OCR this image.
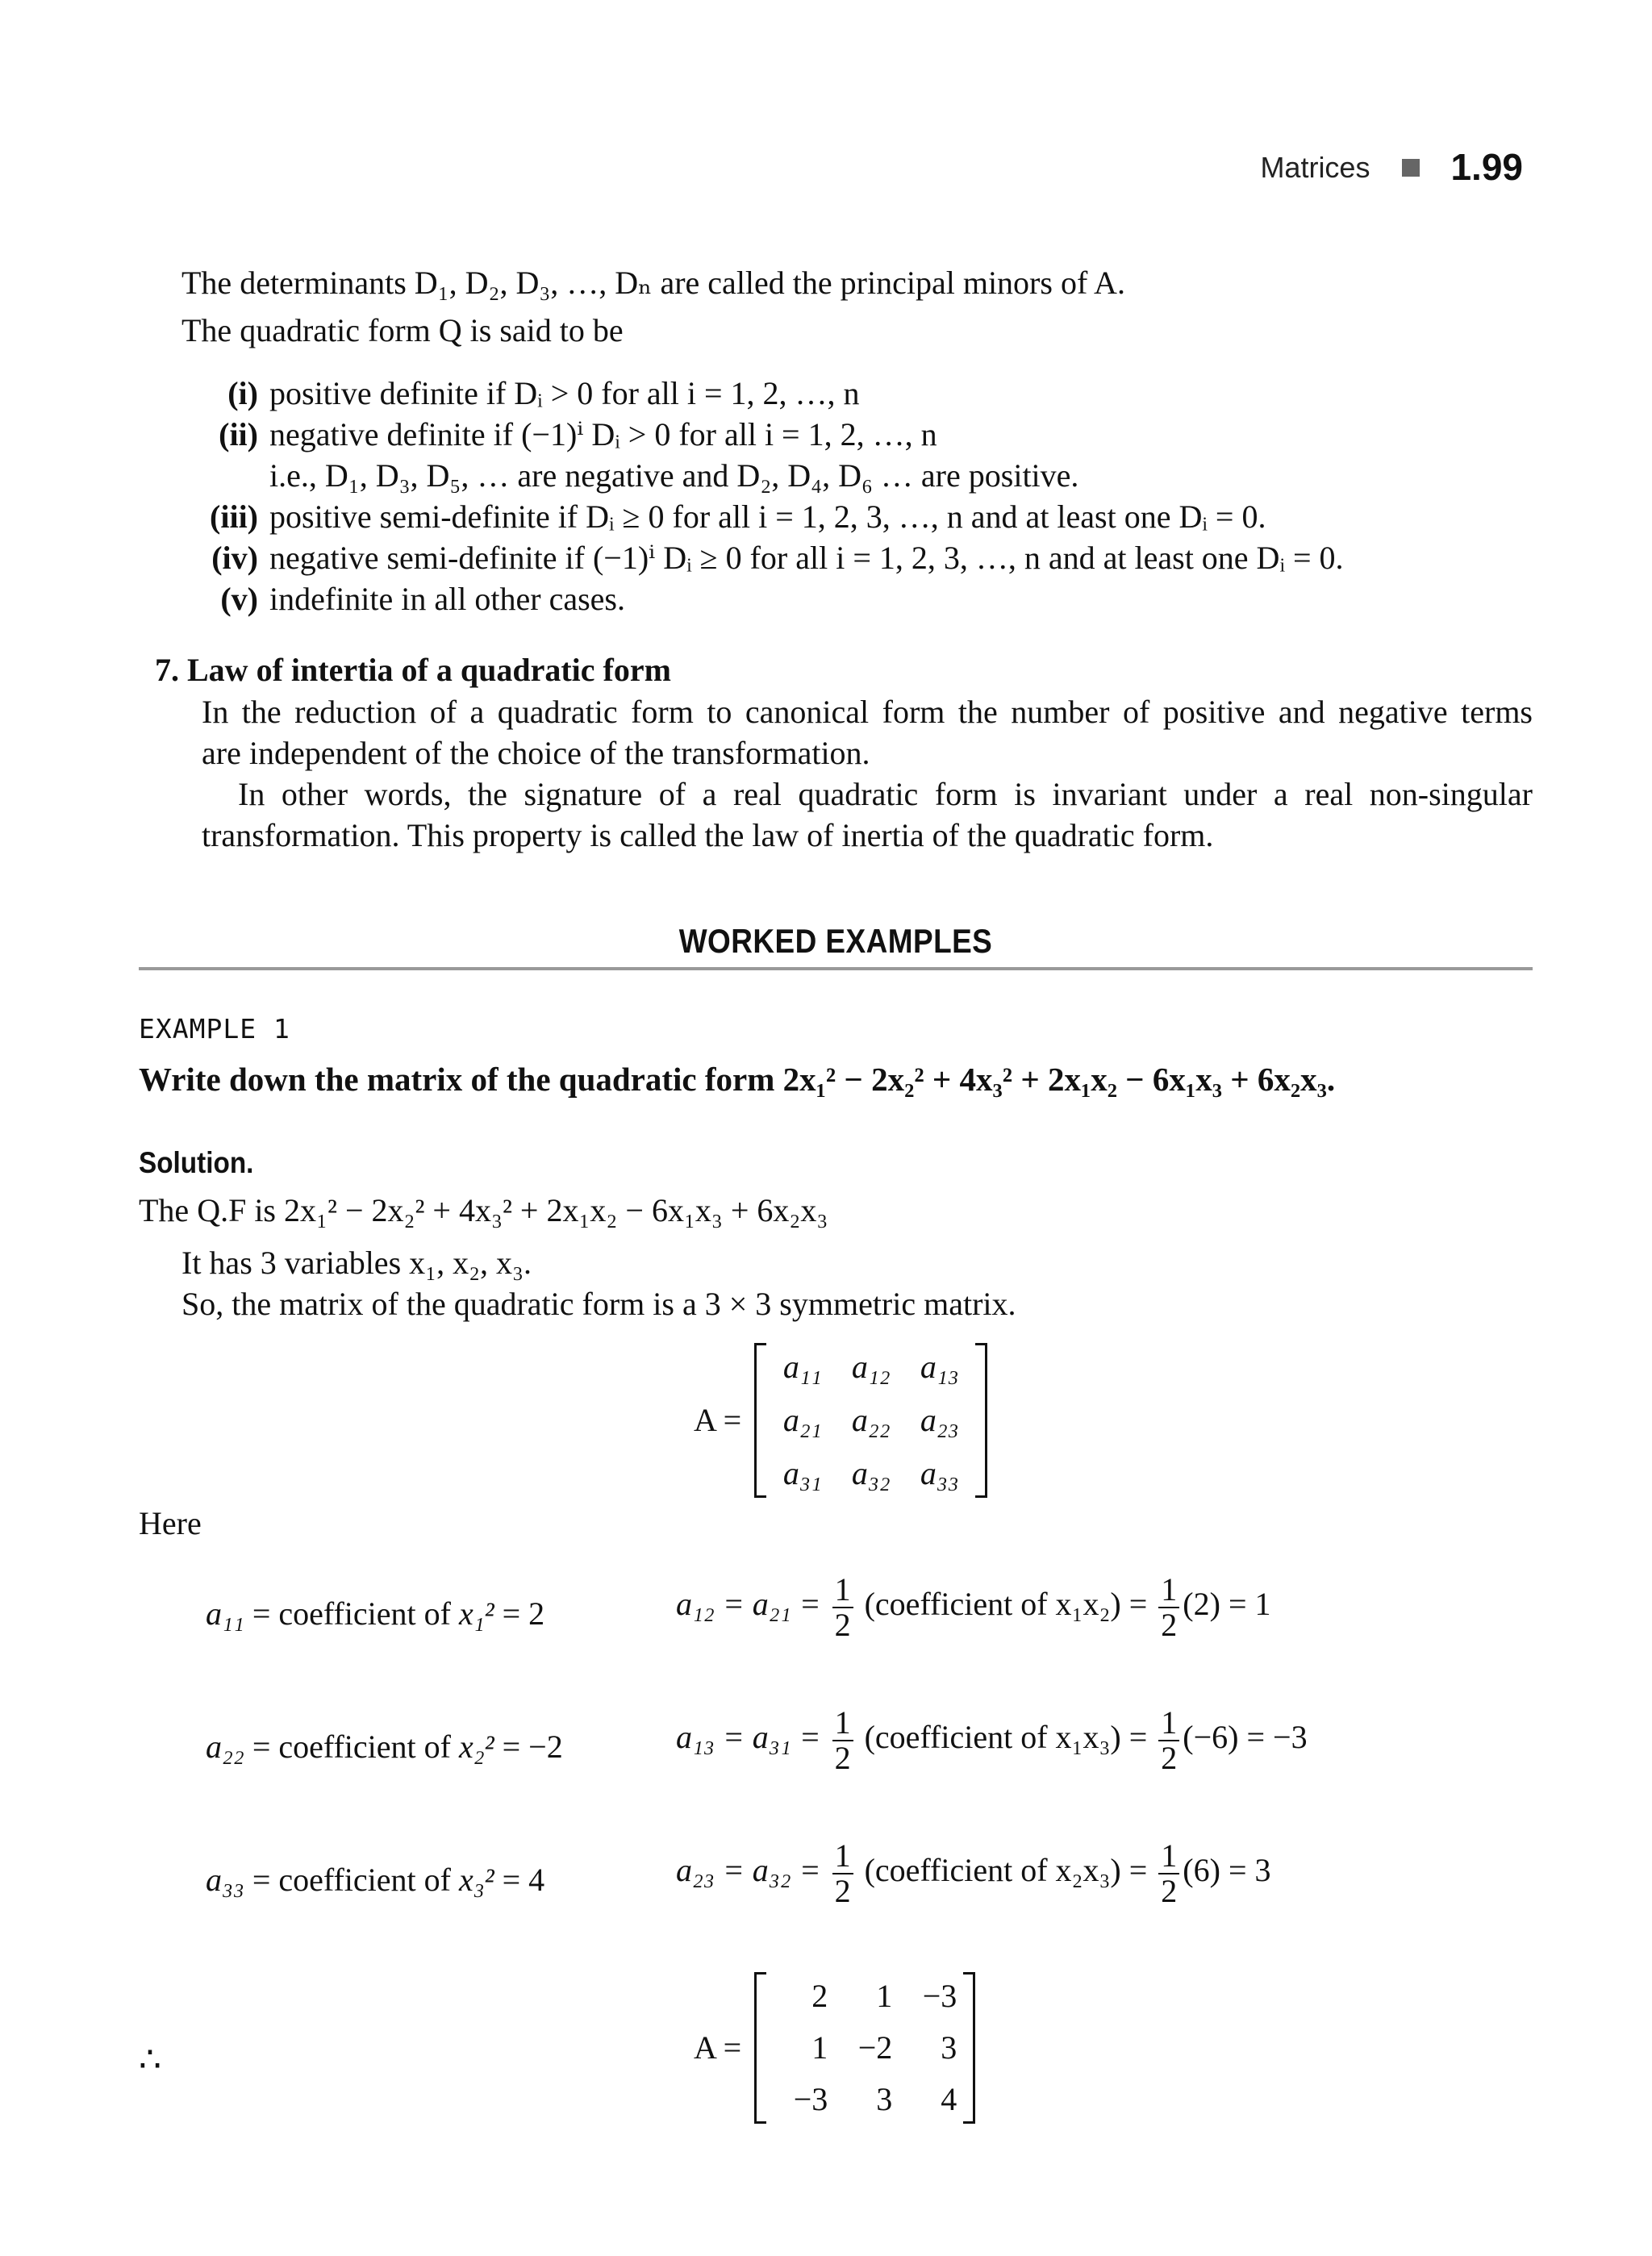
Matrices 1.99
The determinants D₁, D₂, D₃, …, Dₙ are called the principal minors of A.
The quadratic form Q is said to be
(i) positive definite if Dᵢ > 0 for all i = 1, 2, …, n
(ii) negative definite if (−1)ⁱ Dᵢ > 0 for all i = 1, 2, …, n
i.e., D₁, D₃, D₅, … are negative and D₂, D₄, D₆ … are positive.
(iii) positive semi-definite if Dᵢ ≥ 0 for all i = 1, 2, 3, …, n and at least one Dᵢ = 0.
(iv) negative semi-definite if (−1)ⁱ Dᵢ ≥ 0 for all i = 1, 2, 3, …, n and at least one Dᵢ = 0.
(v) indefinite in all other cases.
7. Law of intertia of a quadratic form
In the reduction of a quadratic form to canonical form the number of positive and negative terms
are independent of the choice of the transformation.
In other words, the signature of a real quadratic form is invariant under a real non-singular
transformation. This property is called the law of inertia of the quadratic form.
WORKED EXAMPLES
EXAMPLE 1
Write down the matrix of the quadratic form 2x₁² − 2x₂² + 4x₃² + 2x₁x₂ − 6x₁x₃ + 6x₂x₃.
Solution.
The Q.F is 2x₁² − 2x₂² + 4x₃² + 2x₁x₂ − 6x₁x₃ + 6x₂x₃
It has 3 variables x₁, x₂, x₃.
So, the matrix of the quadratic form is a 3 × 3 symmetric matrix.
A =
a₁₁ a₁₂ a₁₃
a₂₁ a₂₂ a₂₃
a₃₁ a₃₂ a₃₃
Here
a₁₁ = coefficient of x₁² = 2
a₂₂ = coefficient of x₂² = −2
a₃₃ = coefficient of x₃² = 4
$a_{12} = a_{21} = \frac{1}{2}$ (coefficient of $x_1x_2) = \frac{1}{2} (2) = 1$
$a_{13} = a_{31} = \frac{1}{2}$ (coefficient of $x_1x_3) = \frac{1}{2} (-6) = -3$
$a_{23} = a_{32} = \frac{1}{2}$ (coefficient of $x_2x_3) = \frac{1}{2} (6) = 3$
∴	A =
2	1 −3
1 −2	3
−3	3	4
